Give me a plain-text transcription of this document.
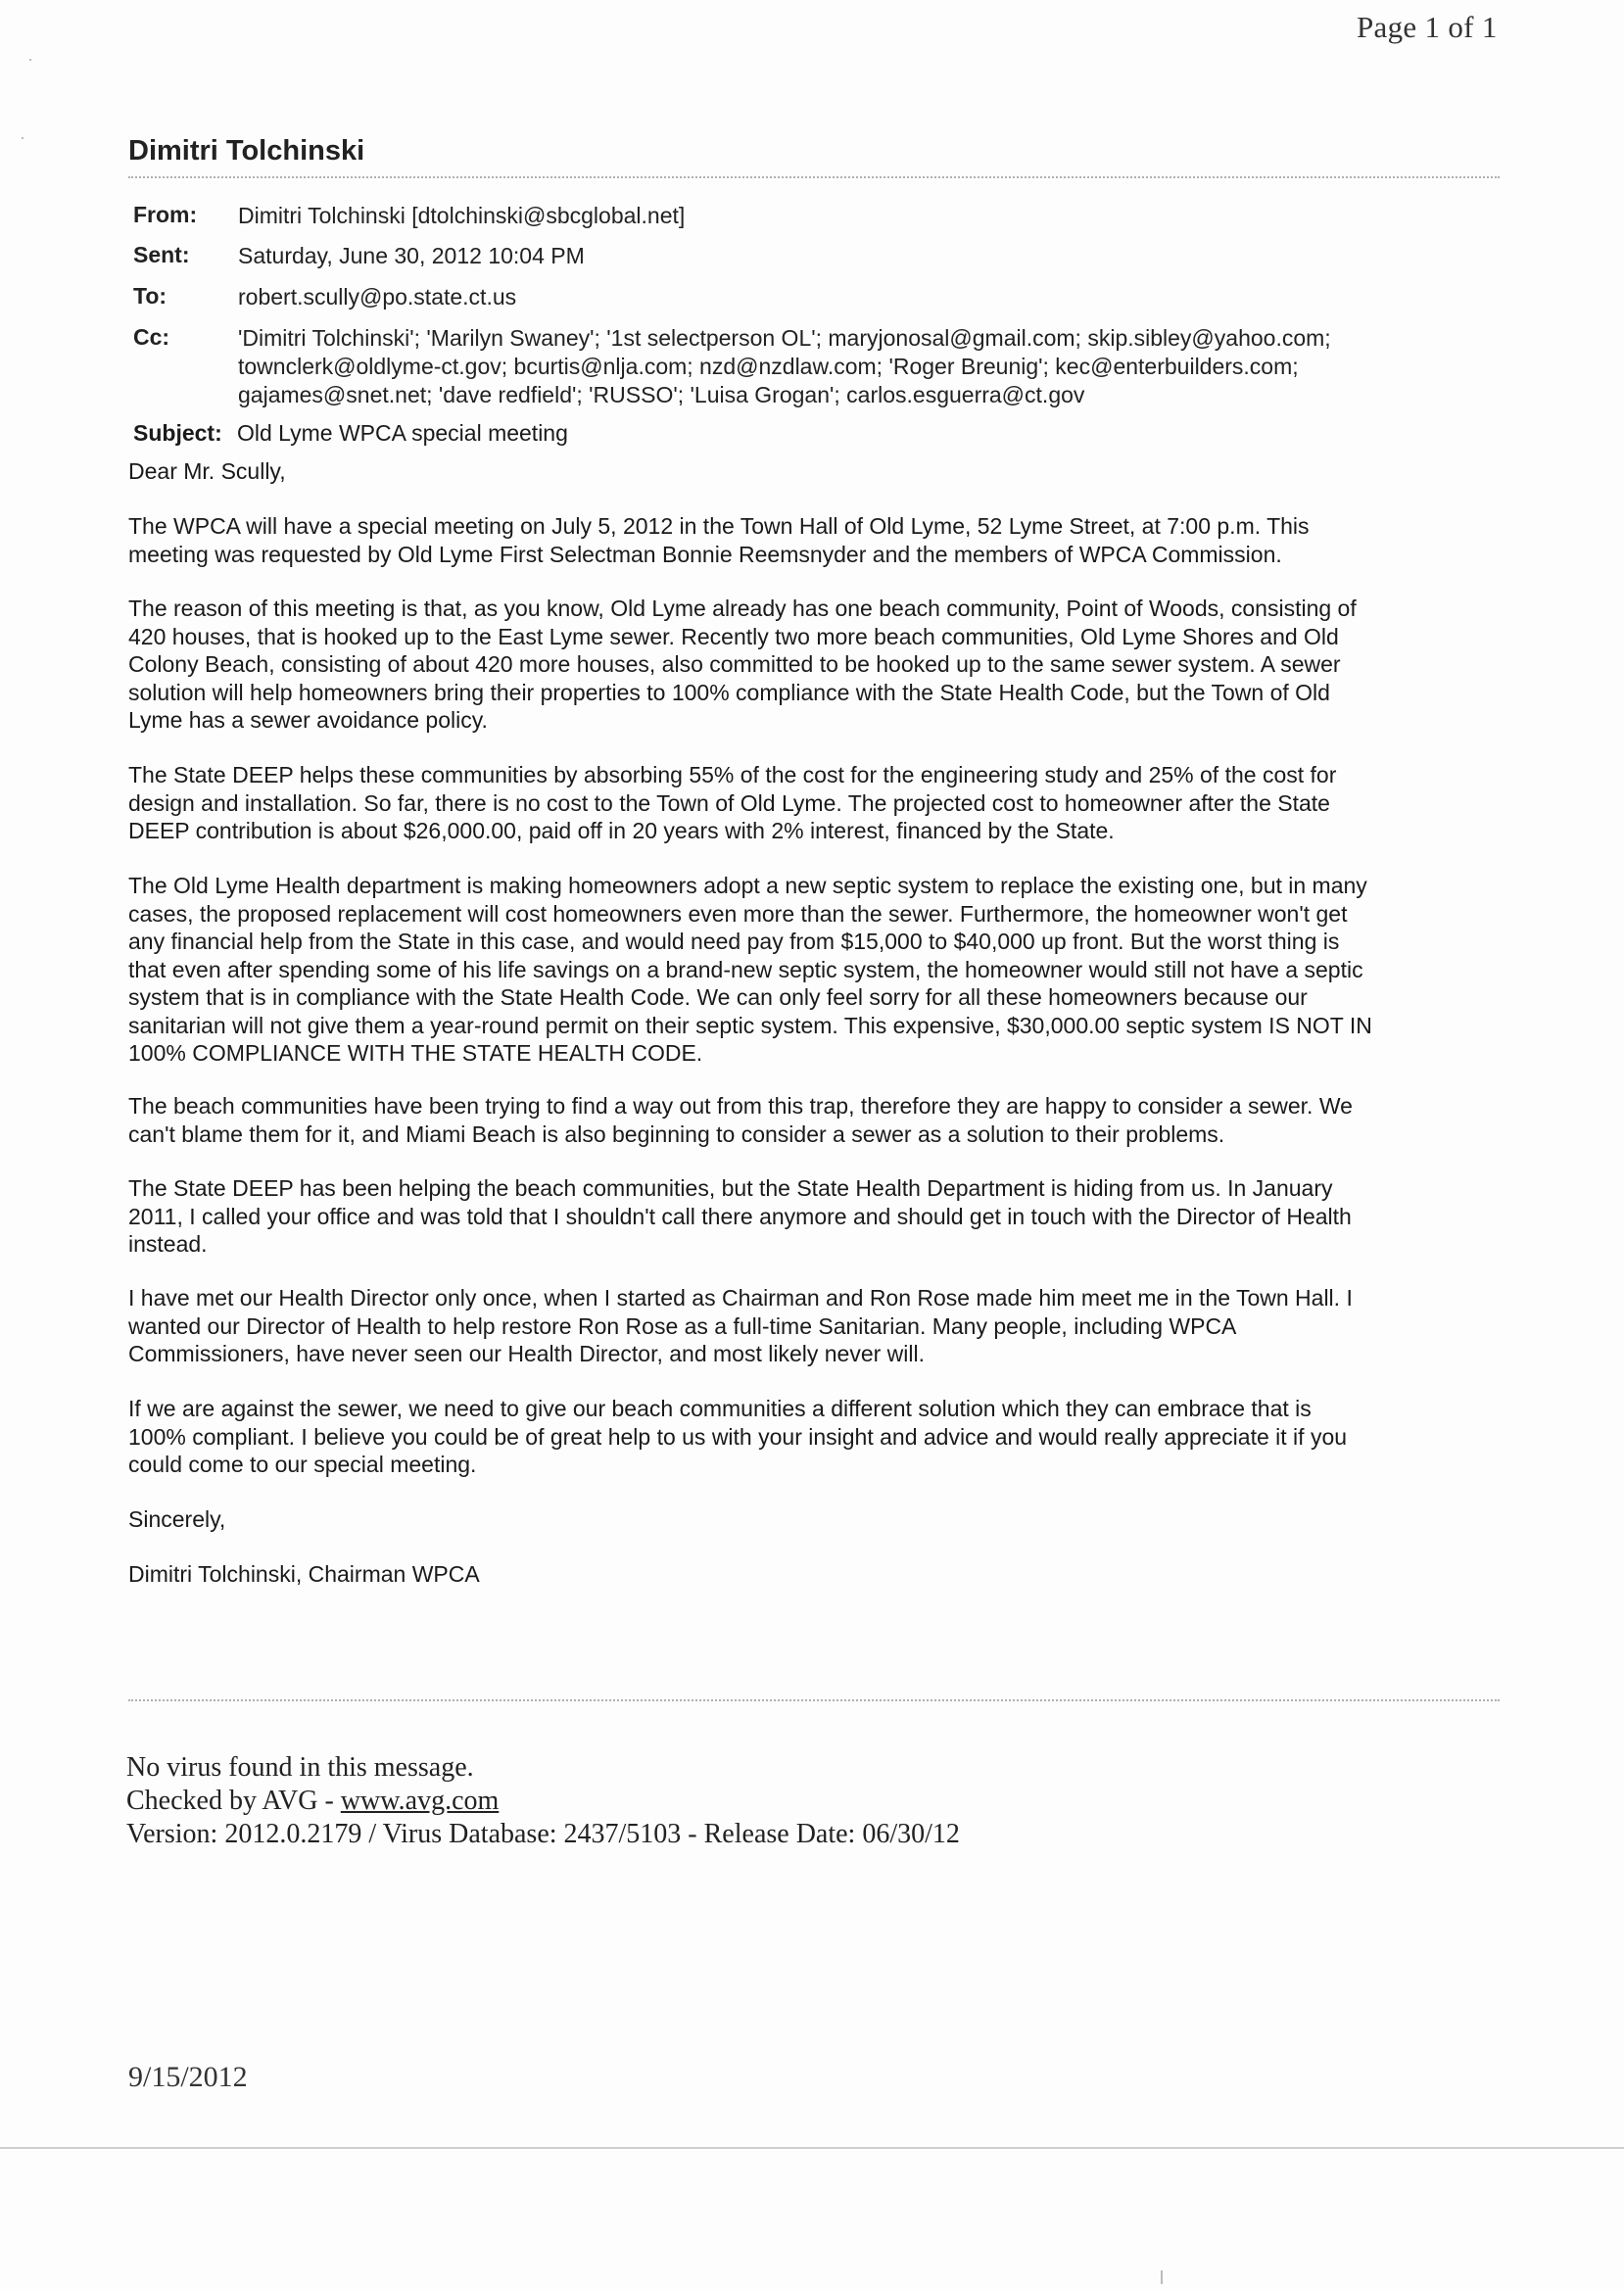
Page 1 of 1
Dimitri Tolchinski
From: Dimitri Tolchinski [dtolchinski@sbcglobal.net]
Sent: Saturday, June 30, 2012 10:04 PM
To:	robert.scully@po.state.ct.us
Cc:	'Dimitri Tolchinski'; 'Marilyn Swaney'; '1st selectperson OL'; maryjonosal@gmail.com; skip.sibley@yahoo.com;
townclerk@oldlyme-ct.gov; bcurtis@nlja.com; nzd@nzdlaw.com; 'Roger Breunig'; kec@enterbuilders.com;
gajames@snet.net; 'dave redfield'; 'RUSSO'; 'Luisa Grogan'; carlos.esguerra@ct.gov
Subject: Old Lyme WPCA special meeting
Dear Mr. Scully,

The WPCA will have a special meeting on July 5, 2012 in the Town Hall of Old Lyme, 52 Lyme Street, at 7:00 p.m. This

meeting was requested by Old Lyme First Selectman Bonnie Reemsnyder and the members of WPCA Commission.

The reason of this meeting is that, as you know, Old Lyme already has one beach community, Point of Woods, consisting of

420 houses, that is hooked up to the East Lyme sewer. Recently two more beach communities, Old Lyme Shores and Old

Colony Beach, consisting of about 420 more houses, also committed to be hooked up to the same sewer system. A sewer

solution will help homeowners bring their properties to 100% compliance with the State Health Code, but the Town of Old

Lyme has a sewer avoidance policy.

The State DEEP helps these communities by absorbing 55% of the cost for the engineering study and 25% of the cost for

design and installation. So far, there is no cost to the Town of Old Lyme. The projected cost to homeowner after the State

DEEP contribution is about $26,000.00, paid off in 20 years with 2% interest, financed by the State.

The Old Lyme Health department is making homeowners adopt a new septic system to replace the existing one, but in many

cases, the proposed replacement will cost homeowners even more than the sewer. Furthermore, the homeowner won't get

any financial help from the State in this case, and would need pay from $15,000 to $40,000 up front. But the worst thing is

that even after spending some of his life savings on a brand-new septic system, the homeowner would still not have a septic

system that is in compliance with the State Health Code. We can only feel sorry for all these homeowners because our

sanitarian will not give them a year-round permit on their septic system. This expensive, $30,000.00 septic system IS NOT IN

100% COMPLIANCE WITH THE STATE HEALTH CODE.

The beach communities have been trying to find a way out from this trap, therefore they are happy to consider a sewer. We

can't blame them for it, and Miami Beach is also beginning to consider a sewer as a solution to their problems.

The State DEEP has been helping the beach communities, but the State Health Department is hiding from us. In January

2011, I called your office and was told that I shouldn't call there anymore and should get in touch with the Director of Health

instead.

I have met our Health Director only once, when I started as Chairman and Ron Rose made him meet me in the Town Hall. I

wanted our Director of Health to help restore Ron Rose as a full-time Sanitarian. Many people, including WPCA

Commissioners, have never seen our Health Director, and most likely never will.

If we are against the sewer, we need to give our beach communities a different solution which they can embrace that is

100% compliant. I believe you could be of great help to us with your insight and advice and would really appreciate it if you

could come to our special meeting.

Sincerely,
Dimitri Tolchinski, Chairman WPCA
No virus found in this message.
Checked by AVG - www.avg.com
Version: 2012.0.2179 / Virus Database: 2437/5103 - Release Date: 06/30/12
9/15/2012
